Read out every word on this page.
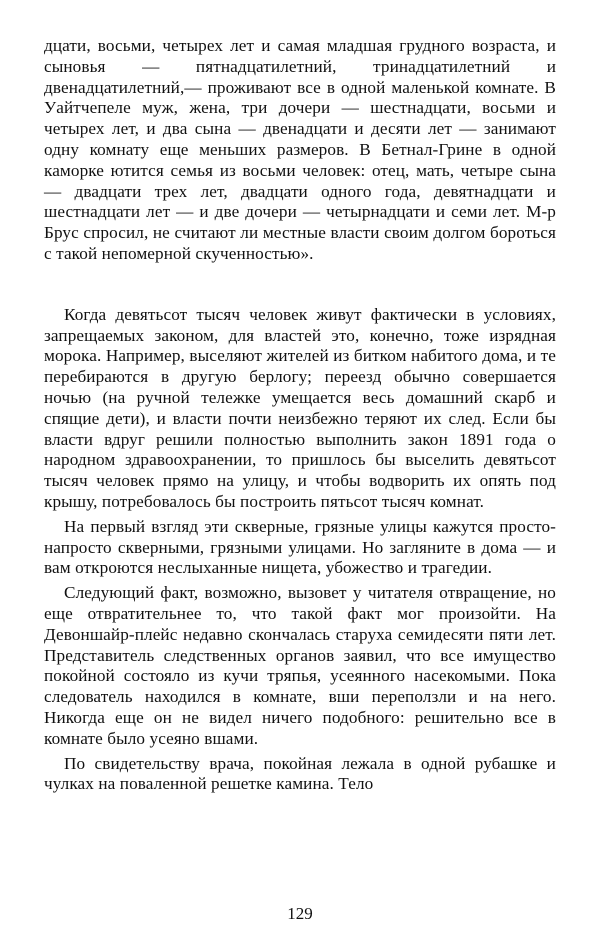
дцати, восьми, четырех лет и самая младшая грудного возраста, и сыновья — пятнадцатилетний, тринадцатилетний и двенадцатилетний,— проживают все в одной маленькой комнате. В Уайтчепеле муж, жена, три дочери — шестнадцати, восьми и четырех лет, и два сына — двенадцати и десяти лет — занимают одну комнату еще меньших размеров. В Бетнал-Грине в одной каморке ютится семья из восьми человек: отец, мать, четыре сына — двадцати трех лет, двадцати одного года, девятнадцати и шестнадцати лет — и две дочери — четырнадцати и семи лет. М-р Брус спросил, не считают ли местные власти своим долгом бороться с такой непомерной скученностью».

Когда девятьсот тысяч человек живут фактически в условиях, запрещаемых законом, для властей это, конечно, тоже изрядная морока. Например, выселяют жителей из битком набитого дома, и те перебираются в другую берлогу; переезд обычно совершается ночью (на ручной тележке умещается весь домашний скарб и спящие дети), и власти почти неизбежно теряют их след. Если бы власти вдруг решили полностью выполнить закон 1891 года о народном здравоохранении, то пришлось бы выселить девятьсот тысяч человек прямо на улицу, и чтобы водворить их опять под крышу, потребовалось бы построить пятьсот тысяч комнат.

На первый взгляд эти скверные, грязные улицы кажутся просто-напросто скверными, грязными улицами. Но загляните в дома — и вам откроются неслыханные нищета, убожество и трагедии.

Следующий факт, возможно, вызовет у читателя отвращение, но еще отвратительнее то, что такой факт мог произойти. На Девоншайр-плейс недавно скончалась старуха семидесяти пяти лет. Представитель следственных органов заявил, что все имущество покойной состояло из кучи тряпья, усеянного насекомыми. Пока следователь находился в комнате, вши переползли и на него. Никогда еще он не видел ничего подобного: решительно все в комнате было усеяно вшами.

По свидетельству врача, покойная лежала в одной рубашке и чулках на поваленной решетке камина. Тело

129
